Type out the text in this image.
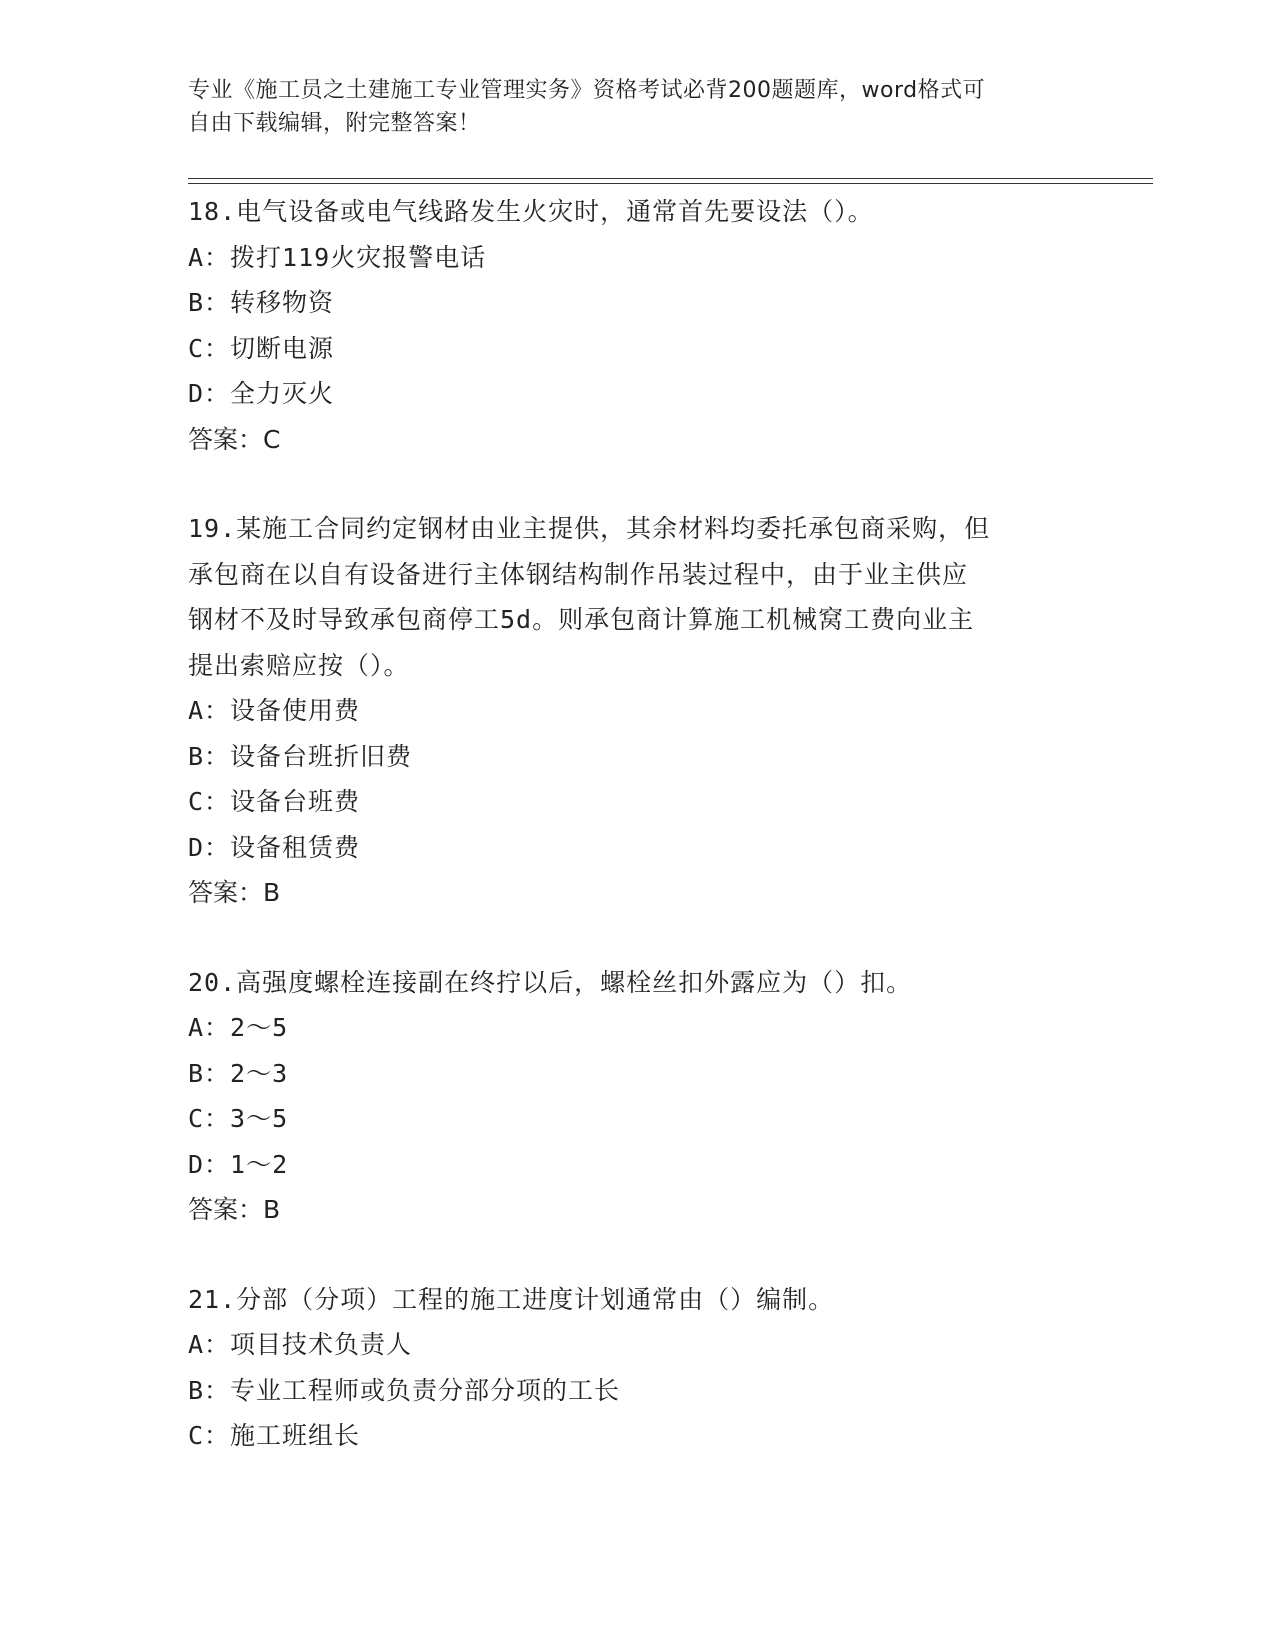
专业《施工员之土建施工专业管理实务》资格考试必背200题题库，word格式可
自由下载编辑，附完整答案！
18.电气设备或电气线路发生火灾时，通常首先要设法（）。
A：拨打119火灾报警电话
B：转移物资
C：切断电源
D：全力灭火
答案：C
19.某施工合同约定钢材由业主提供，其余材料均委托承包商采购，但
承包商在以自有设备进行主体钢结构制作吊装过程中，由于业主供应
钢材不及时导致承包商停工5d。则承包商计算施工机械窝工费向业主
提出索赔应按（）。
A：设备使用费
B：设备台班折旧费
C：设备台班费
D：设备租赁费
答案：B
20.高强度螺栓连接副在终拧以后，螺栓丝扣外露应为（）扣。
A：2～5
B：2～3
C：3～5
D：1～2
答案：B
21.分部（分项）工程的施工进度计划通常由（）编制。
A：项目技术负责人
B：专业工程师或负责分部分项的工长
C：施工班组长
